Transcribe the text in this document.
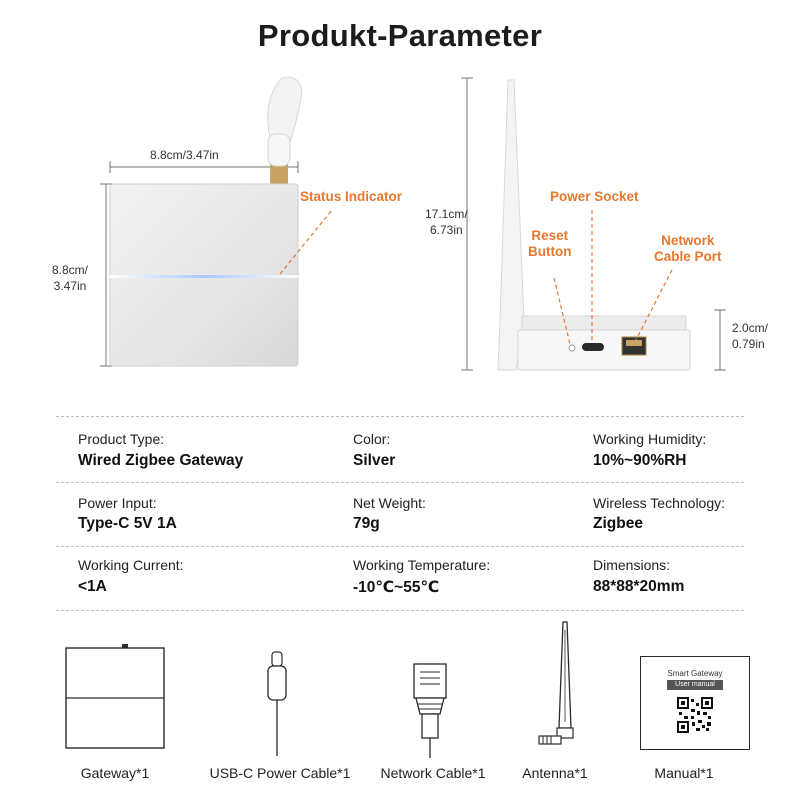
Produkt-Parameter
8.8cm/3.47in
8.8cm/
3.47in
Status Indicator
17.1cm/
6.73in
2.0cm/
0.79in
Reset
Button
Power Socket
Network
Cable Port
Product Type:
Wired Zigbee Gateway
Color:
Silver
Working Humidity:
10%~90%RH
Power Input:
Type-C 5V 1A
Net Weight:
79g
Wireless Technology:
Zigbee
Working Current:
<1A
Working Temperature:
-10℃~55℃
Dimensions:
88*88*20mm
Smart Gateway
User manual
Gateway*1	USB-C Power Cable*1	Network Cable*1	Antenna*1	Manual*1
